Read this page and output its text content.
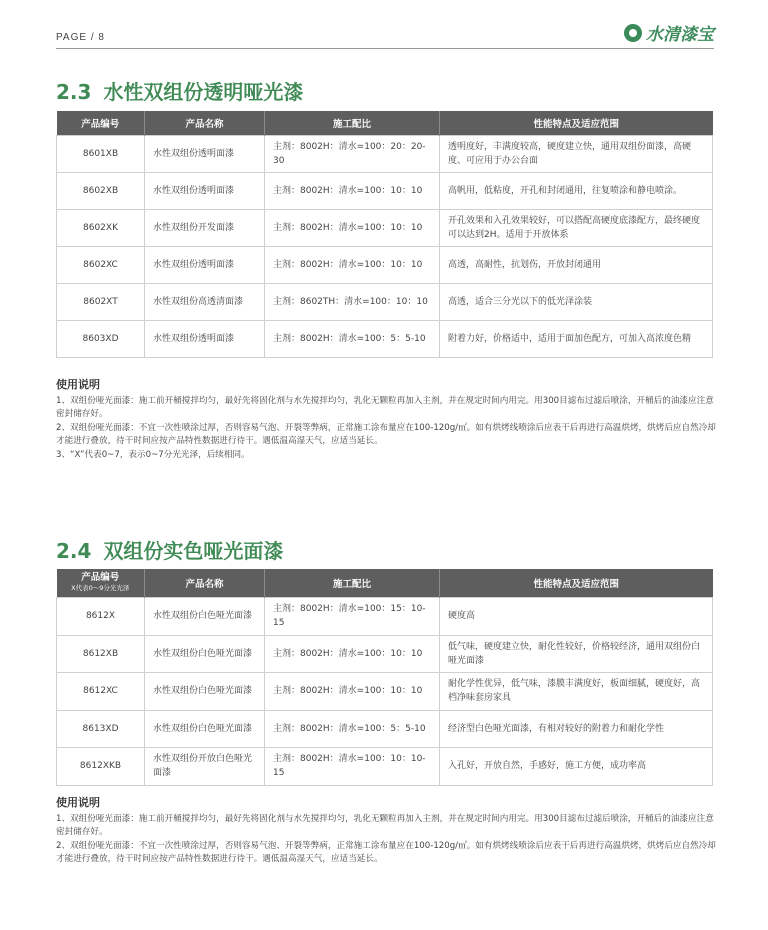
PAGE / 8	水清漆宝
2.3 水性双组份透明哑光漆
产品编号	产品名称	施工配比	性能特点及适应范围
8601XB	水性双组份透明面漆	主剂：8002H：清水=100：20：20-30	透明度好，丰满度较高，硬度建立快，通用双组份面漆，高硬度、可应用于办公台面
8602XB	水性双组份透明面漆	主剂：8002H：清水=100：10：10	高帆用，低粘度，开孔和封闭通用，往复喷涂和静电喷涂。
8602XK	水性双组份开发面漆	主剂：8002H：清水=100：10：10	开孔效果和入孔效果较好，可以搭配高硬度底漆配方，最终硬度可以达到2H。适用于开放体系
8602XC	水性双组份透明面漆	主剂：8002H：清水=100：10：10	高透，高耐性，抗划伤，开放封闭通用
8602XT	水性双组份高透清面漆	主剂：8602TH：清水=100：10：10	高透，适合三分光以下的低光泽涂装
8603XD	水性双组份透明面漆	主剂：8002H：清水=100：5：5-10	附着力好，价格适中，适用于面加色配方，可加入高浓度色精
使用说明

1、双组份哑光面漆：施工前开桶搅拌均匀，最好先将固化剂与水先搅拌均匀，乳化无颗粒再加入主剂，并在规定时间内用完。用300目滤布过滤后喷涂，开桶后的油漆应注意密封储存好。

2、双组份哑光面漆：不宜一次性喷涂过厚，否则容易气泡、开裂等弊病，正常施工涂布量应在100-120g/㎡。如有烘烤线喷涂后应表干后再进行高温烘烤，烘烤后应自然冷却才能进行叠放，待干时间应按产品特性数据进行待干。遇低温高湿天气，应适当延长。

3、“X”代表0~7，表示0~7分光光泽，后续相同。

2.4 双组份实色哑光面漆
产品编号
X代表0～9分光光泽	产品名称	施工配比	性能特点及适应范围
8612X	水性双组份白色哑光面漆	主剂：8002H：清水=100：15：10-15	硬度高
8612XB	水性双组份白色哑光面漆	主剂：8002H：清水=100：10：10	低气味，硬度建立快，耐化性较好，价格较经济，通用双组份白哑光面漆
8612XC	水性双组份白色哑光面漆	主剂：8002H：清水=100：10：10	耐化学性优异，低气味，漆膜丰满度好，板面细腻，硬度好，高档净味套房家具
8613XD	水性双组份白色哑光面漆	主剂：8002H：清水=100：5：5-10	经济型白色哑光面漆，有相对较好的附着力和耐化学性
8612XKB	水性双组份开放白色哑光面漆	主剂：8002H：清水=100：10：10-15	入孔好，开放自然，手感好，施工方便，成功率高
使用说明

1、双组份哑光面漆：施工前开桶搅拌均匀，最好先将固化剂与水先搅拌均匀，乳化无颗粒再加入主剂，并在规定时间内用完。用300目滤布过滤后喷涂，开桶后的油漆应注意密封储存好。

2、双组份哑光面漆：不宜一次性喷涂过厚，否则容易气泡、开裂等弊病，正常施工涂布量应在100-120g/㎡。如有烘烤线喷涂后应表干后再进行高温烘烤，烘烤后应自然冷却才能进行叠放，待干时间应按产品特性数据进行待干。遇低温高湿天气，应适当延长。
